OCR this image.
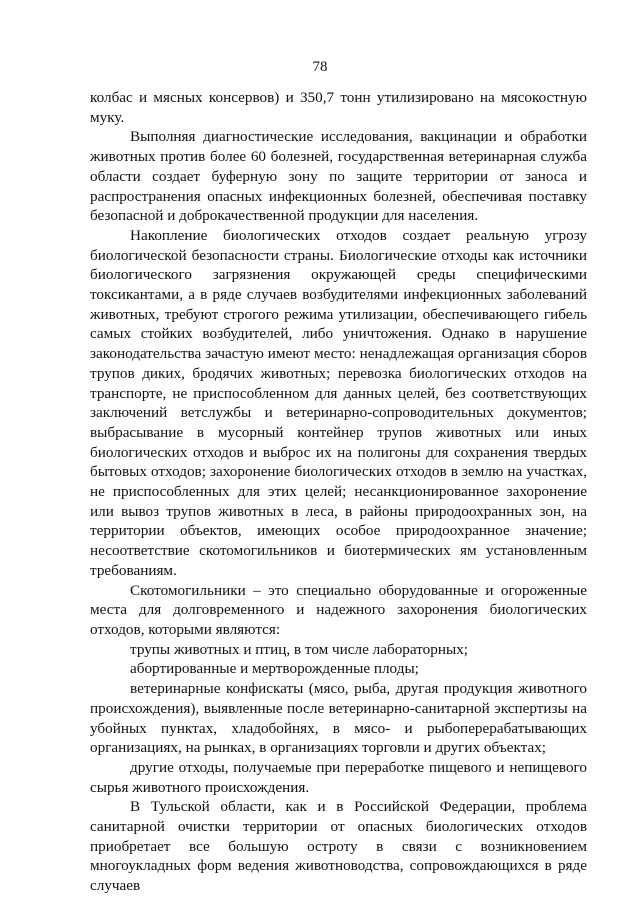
78

колбас и мясных консервов) и 350,7 тонн утилизировано на мясокостную муку.

Выполняя диагностические исследования, вакцинации и обработки животных против более 60 болезней, государственная ветеринарная служба области создает буферную зону по защите территории от заноса и распространения опасных инфекционных болезней, обеспечивая поставку безопасной и доброкачественной продукции для населения.

Накопление биологических отходов создает реальную угрозу биологической безопасности страны. Биологические отходы как источники биологического загрязнения окружающей среды специфическими токсикантами, а в ряде случаев возбудителями инфекционных заболеваний животных, требуют строгого режима утилизации, обеспечивающего гибель самых стойких возбудителей, либо уничтожения. Однако в нарушение законодательства зачастую имеют место: ненадлежащая организация сборов трупов диких, бродячих животных; перевозка биологических отходов на транспорте, не приспособленном для данных целей, без соответствующих заключений ветслужбы и ветеринарно-сопроводительных документов; выбрасывание в мусорный контейнер трупов животных или иных биологических отходов и выброс их на полигоны для сохранения твердых бытовых отходов; захоронение биологических отходов в землю на участках, не приспособленных для этих целей; несанкционированное захоронение или вывоз трупов животных в леса, в районы природоохранных зон, на территории объектов, имеющих особое природоохранное значение; несоответствие скотомогильников и биотермических ям установленным требованиям.

Скотомогильники – это специально оборудованные и огороженные места для долговременного и надежного захоронения биологических отходов, которыми являются:

трупы животных и птиц, в том числе лабораторных;

абортированные и мертворожденные плоды;

ветеринарные конфискаты (мясо, рыба, другая продукция животного происхождения), выявленные после ветеринарно-санитарной экспертизы на убойных пунктах, хладобойнях, в мясо- и рыбоперерабатывающих организациях, на рынках, в организациях торговли и других объектах;

другие отходы, получаемые при переработке пищевого и непищевого сырья животного происхождения.

В Тульской области, как и в Российской Федерации, проблема санитарной очистки территории от опасных биологических отходов приобретает все большую остроту в связи с возникновением многоукладных форм ведения животноводства, сопровождающихся в ряде случаев
